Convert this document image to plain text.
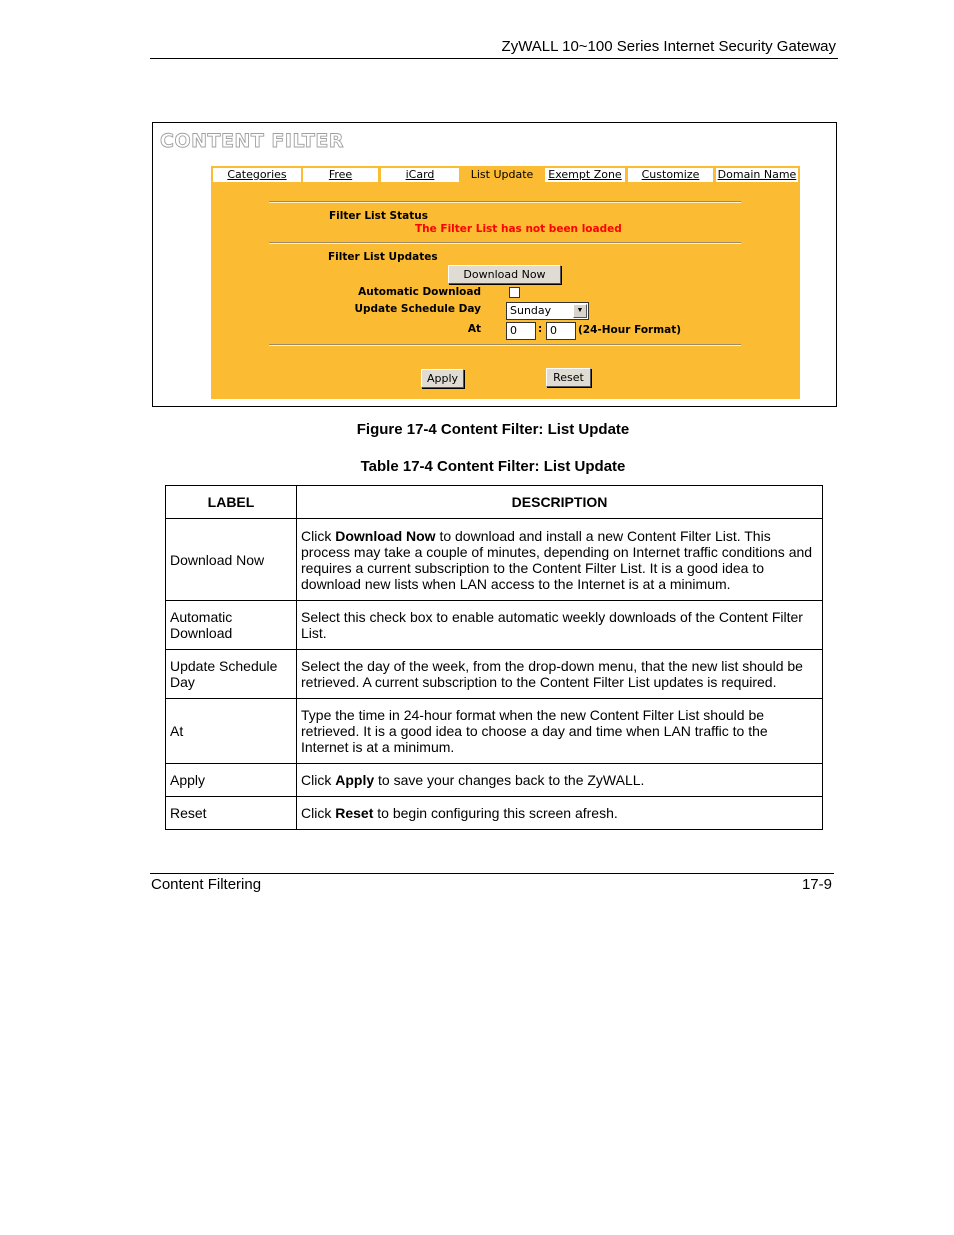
ZyWALL 10~100 Series Internet Security Gateway
CONTENT FILTER
Categories	Free	iCard	List Update	Exempt Zone	Customize	Domain Name
Filter List Status
The Filter List has not been loaded
Filter List Updates
Download Now
Automatic Download
Update Schedule Day	Sunday	▼
At	0 : 0 (24-Hour Format)
Apply	Reset
Figure 17-4 Content Filter: List Update
Table 17-4 Content Filter: List Update
LABEL	DESCRIPTION
Download Now	Click Download Now to download and install a new Content Filter List. This process may take a couple of minutes, depending on Internet traffic conditions and requires a current subscription to the Content Filter List. It is a good idea to download new lists when LAN access to the Internet is at a minimum.
Automatic Download	Select this check box to enable automatic weekly downloads of the Content Filter List.
Update Schedule Day	Select the day of the week, from the drop-down menu, that the new list should be retrieved. A current subscription to the Content Filter List updates is required.
At	Type the time in 24-hour format when the new Content Filter List should be retrieved. It is a good idea to choose a day and time when LAN traffic to the Internet is at a minimum.
Apply	Click Apply to save your changes back to the ZyWALL.
Reset	Click Reset to begin configuring this screen afresh.
Content Filtering	17-9
